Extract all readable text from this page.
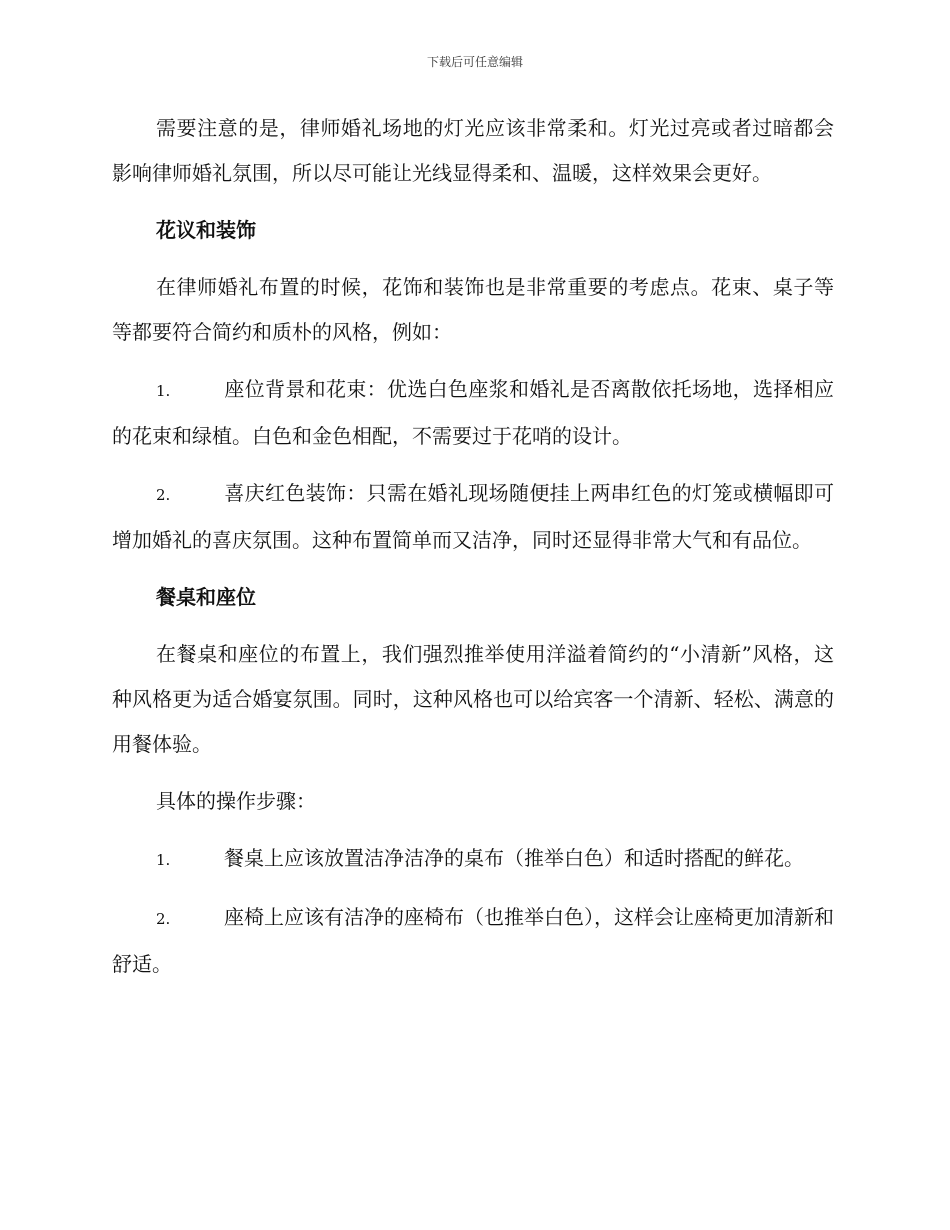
下载后可任意编辑

需要注意的是，律师婚礼场地的灯光应该非常柔和。灯光过亮或者过暗都会影响律师婚礼氛围，所以尽可能让光线显得柔和、温暖，这样效果会更好。

花议和装饰

在律师婚礼布置的时候，花饰和装饰也是非常重要的考虑点。花束、桌子等等都要符合简约和质朴的风格，例如：

1.	座位背景和花束：优选白色座浆和婚礼是否离散依托场地，选择相应的花束和绿植。白色和金色相配，不需要过于花哨的设计。

2.	喜庆红色装饰：只需在婚礼现场随便挂上两串红色的灯笼或横幅即可增加婚礼的喜庆氛围。这种布置简单而又洁净，同时还显得非常大气和有品位。

餐桌和座位

在餐桌和座位的布置上，我们强烈推举使用洋溢着简约的“小清新”风格，这种风格更为适合婚宴氛围。同时，这种风格也可以给宾客一个清新、轻松、满意的用餐体验。

具体的操作步骤：

1.	餐桌上应该放置洁净洁净的桌布（推举白色）和适时搭配的鲜花。

2.	座椅上应该有洁净的座椅布（也推举白色），这样会让座椅更加清新和舒适。
